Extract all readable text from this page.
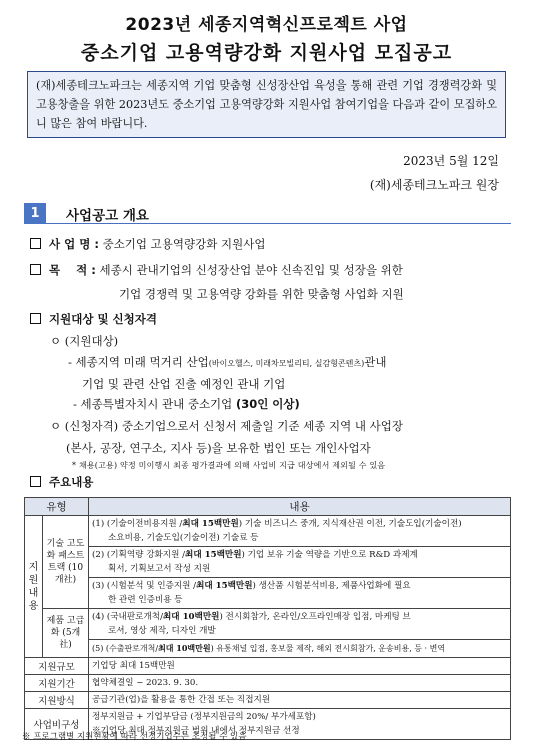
2023년 세종지역혁신프로젝트 사업
중소기업 고용역량강화 지원사업 모집공고
(재)세종테크노파크는 세종지역 기업 맞춤형 신성장산업 육성을 통해 관련 기업 경쟁력강화 및 고용창출을 위한 2023년도 중소기업 고용역량강화 지원사업 참여기업을 다음과 같이 모집하오니 많은 참여 바랍니다.
2023년 5월 12일
(재)세종테크노파크 원장
1	사업공고 개요
사 업 명 : 중소기업 고용역량강화 지원사업
목    적 : 세종시 관내기업의 신성장산업 분야 신속진입 및 성장을 위한
기업 경쟁력 및 고용역량 강화를 위한 맞춤형 사업화 지원
지원대상 및 신청자격
ㅇ (지원대상)
- 세종지역 미래 먹거리 산업(바이오헬스, 미래차모빌리티, 실감형콘텐츠)관내
기업 및 관련 산업 진출 예정인 관내 기업
- 세종특별자치시 관내 중소기업 (30인 이상)
ㅇ (신청자격) 중소기업으로서 신청서 제출일 기준 세종 지역 내 사업장
(본사, 공장, 연구소, 지사 등)을 보유한 법인 또는 개인사업자
* 채용(고용) 약정 미이행시 최종 평가결과에 의해 사업비 지급 대상에서 제외될 수 있음
주요내용
유형		내용
지원내용	기술 고도화 패스트 트랙 (10개社)	(1) (기술이전비용지원 /최대 15백만원) 기술 비즈니스 중개, 지식재산권 이전, 기술도입(기술이전)
소요비용, 기술도입(기술이전) 기술료 등
		(2) (기획역량 강화지원 /최대 15백만원) 기업 보유 기술 역량을 기반으로 R&D 과제계
획서, 기획보고서 작성 지원
		(3) (시험분석 및 인증지원 /최대 15백만원) 생산품 시험분석비용, 제품사업화에 필요
한 관련 인증비용 등
	제품 고급화 (5개社)	(4) (국내판로개척/최대 10백만원) 전시회참가, 온라인/오프라인매장 입점, 마케팅 브
로셔, 영상 제작, 디자인 개발
		(5) (수출판로개척/최대 10백만원) 유통채널 입점, 홍보물 제작, 해외 전시회참가, 운송비용, 등 · 변역
지원규모		기업당 최대 15백만원
지원기간		협약체결일 ~ 2023. 9. 30.
지원방식		공급기관(업)을 활용을 통한 간접 또는 직접지원
사업비구성		정부지원금 + 기업부담금 (정부지원금의 20%/ 부가세포함)
※기업당 최대 정부지원금 범위 내에서 정부지원금 선정
※ 프로그램별 지원현황에 따라 선정기업수는 조정될 수 있음
